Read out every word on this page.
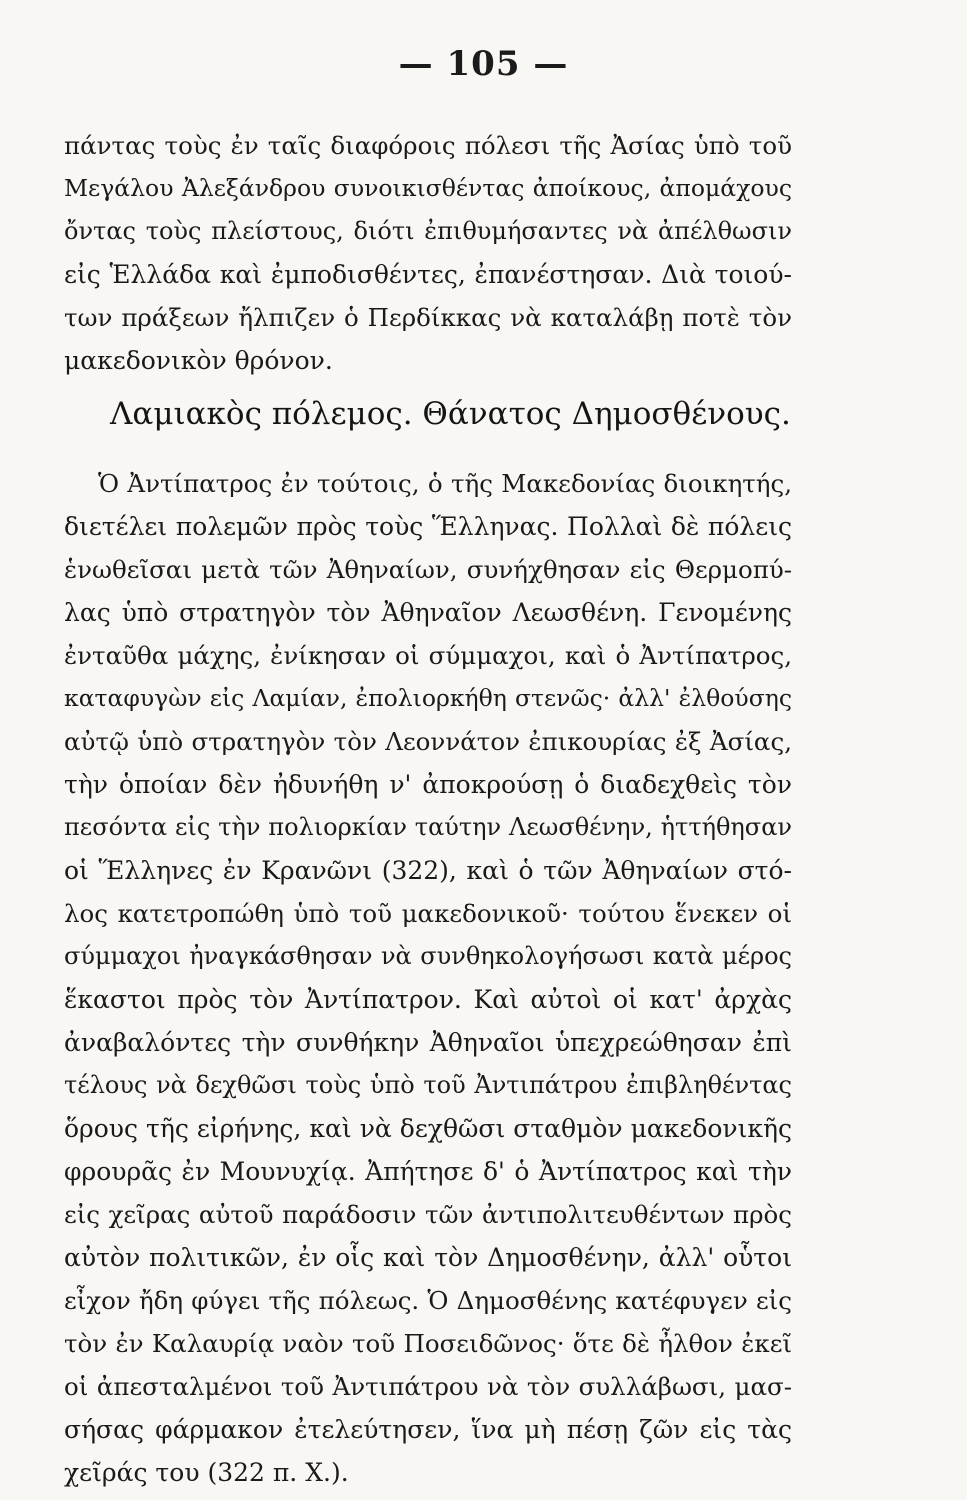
— 105 —
πάντας τοὺς ἐν ταῖς διαφόροις πόλεσι τῆς Ἀσίας ὑπὸ τοῦ
Μεγάλου Ἀλεξάνδρου συνοικισθέντας ἀποίκους, ἀπομάχους
ὄντας τοὺς πλείστους, διότι ἐπιθυμήσαντες νὰ ἀπέλθωσιν
εἰς Ἑλλάδα καὶ ἐμποδισθέντες, ἐπανέστησαν. Διὰ τοιού-
των πράξεων ἤλπιζεν ὁ Περδίκκας νὰ καταλάβῃ ποτὲ τὸν
μακεδονικὸν θρόνον.
Λαμιακὸς πόλεμος. Θάνατος Δημοσθένους.
Ὁ Ἀντίπατρος ἐν τούτοις, ὁ τῆς Μακεδονίας διοικητής,
διετέλει πολεμῶν πρὸς τοὺς Ἕλληνας. Πολλαὶ δὲ πόλεις
ἑνωθεῖσαι μετὰ τῶν Ἀθηναίων, συνήχθησαν εἰς Θερμοπύ-
λας ὑπὸ στρατηγὸν τὸν Ἀθηναῖον Λεωσθένη. Γενομένης
ἐνταῦθα μάχης, ἐνίκησαν οἱ σύμμαχοι, καὶ ὁ Ἀντίπατρος,
καταφυγὼν εἰς Λαμίαν, ἐπολιορκήθη στενῶς· ἀλλ' ἐλθούσης
αὐτῷ ὑπὸ στρατηγὸν τὸν Λεοννάτον ἐπικουρίας ἐξ Ἀσίας,
τὴν ὁποίαν δὲν ἠδυνήθη ν' ἀποκρούσῃ ὁ διαδεχθεὶς τὸν
πεσόντα εἰς τὴν πολιορκίαν ταύτην Λεωσθένην, ἡττήθησαν
οἱ Ἕλληνες ἐν Κρανῶνι (322), καὶ ὁ τῶν Ἀθηναίων στό-
λος κατετροπώθη ὑπὸ τοῦ μακεδονικοῦ· τούτου ἕνεκεν οἱ
σύμμαχοι ἠναγκάσθησαν νὰ συνθηκολογήσωσι κατὰ μέρος
ἕκαστοι πρὸς τὸν Ἀντίπατρον. Καὶ αὐτοὶ οἱ κατ' ἀρχὰς
ἀναβαλόντες τὴν συνθήκην Ἀθηναῖοι ὑπεχρεώθησαν ἐπὶ
τέλους νὰ δεχθῶσι τοὺς ὑπὸ τοῦ Ἀντιπάτρου ἐπιβληθέντας
ὅρους τῆς εἰρήνης, καὶ νὰ δεχθῶσι σταθμὸν μακεδονικῆς
φρουρᾶς ἐν Μουνυχίᾳ. Ἀπήτησε δ' ὁ Ἀντίπατρος καὶ τὴν
εἰς χεῖρας αὐτοῦ παράδοσιν τῶν ἀντιπολιτευθέντων πρὸς
αὐτὸν πολιτικῶν, ἐν οἷς καὶ τὸν Δημοσθένην, ἀλλ' οὗτοι
εἶχον ἤδη φύγει τῆς πόλεως. Ὁ Δημοσθένης κατέφυγεν εἰς
τὸν ἐν Καλαυρίᾳ ναὸν τοῦ Ποσειδῶνος· ὅτε δὲ ἦλθον ἐκεῖ
οἱ ἀπεσταλμένοι τοῦ Ἀντιπάτρου νὰ τὸν συλλάβωσι, μασ-
σήσας φάρμακον ἐτελεύτησεν, ἵνα μὴ πέσῃ ζῶν εἰς τὰς
χεῖράς του (322 π. Χ.).
